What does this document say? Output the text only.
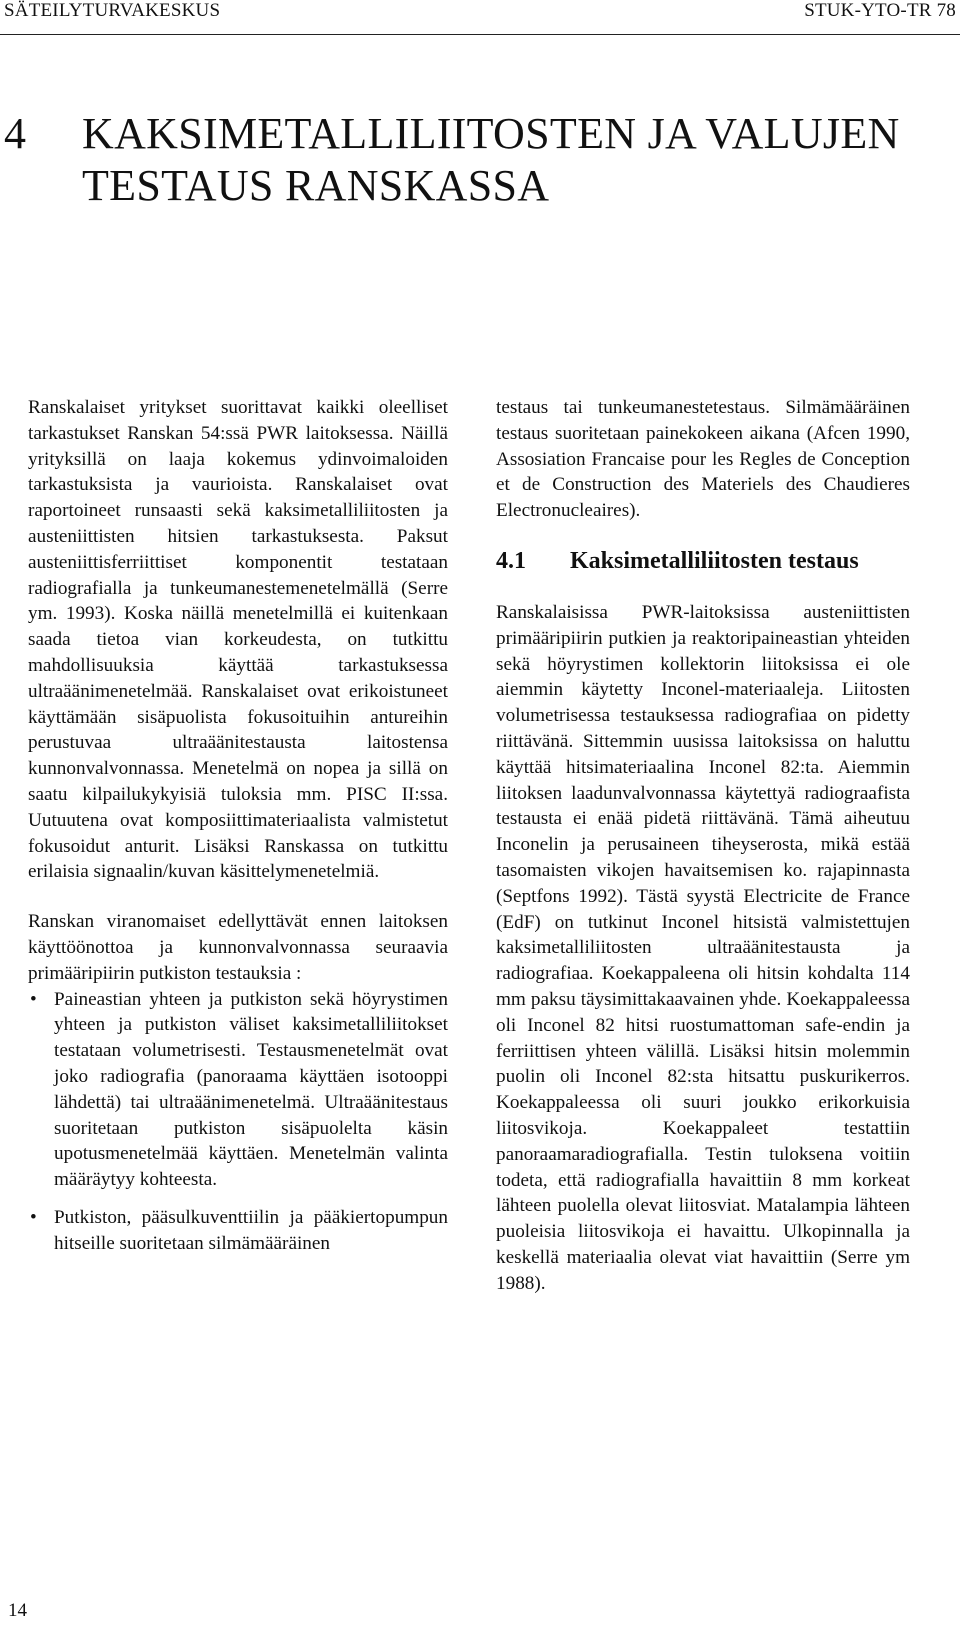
SÄTEILYTURVAKESKUS	STUK-YTO-TR 78
4 KAKSIMETALLILIITOSTEN JA VALUJEN TESTAUS RANSKASSA

Ranskalaiset yritykset suorittavat kaikki oleelliset tarkastukset Ranskan 54:ssä PWR laitoksessa. Näillä yrityksillä on laaja kokemus ydinvoimaloiden tarkastuksista ja vaurioista. Ranskalaiset ovat raportoineet runsaasti sekä kaksimetalliliitosten ja austeniittisten hitsien tarkastuksesta. Paksut austeniittisferriittiset komponentit testataan radiografialla ja tunkeumanestemenetelmällä (Serre ym. 1993). Koska näillä menetelmillä ei kuitenkaan saada tietoa vian korkeudesta, on tutkittu mahdollisuuksia käyttää tarkastuksessa ultraäänimenetelmää. Ranskalaiset ovat erikoistuneet käyttämään sisäpuolista fokusoituihin antureihin perustuvaa ultraäänitestausta laitostensa kunnonvalvonnassa. Menetelmä on nopea ja sillä on saatu kilpailukykyisiä tuloksia mm. PISC II:ssa. Uutuutena ovat komposiittimateriaalista valmistetut fokusoidut anturit. Lisäksi Ranskassa on tutkittu erilaisia signaalin/kuvan käsittelymenetelmiä.

Ranskan viranomaiset edellyttävät ennen laitoksen käyttöönottoa ja kunnonvalvonnassa seuraavia primääripiirin putkiston testauksia :

• Paineastian yhteen ja putkiston sekä höyrystimen yhteen ja putkiston väliset kaksimetalliliitokset testataan volumetrisesti. Testausmenetelmät ovat joko radiografia (panoraama käyttäen isotooppi lähdettä) tai ultraäänimenetelmä. Ultraäänitestaus suoritetaan putkiston sisäpuolelta käsin upotusmenetelmää käyttäen. Menetelmän valinta määräytyy kohteesta.
• Putkiston, pääsulkuventtiilin ja pääkiertopumpun hitseille suoritetaan silmämääräinen

testaus tai tunkeumanestetestaus. Silmämääräinen testaus suoritetaan painekokeen aikana (Afcen 1990, Assosiation Francaise pour les Regles de Conception et de Construction des Materiels des Chaudieres Electronucleaires).

4.1 Kaksimetalliliitosten testaus

Ranskalaisissa PWR-laitoksissa austeniittisten primääripiirin putkien ja reaktoripaineastian yhteiden sekä höyrystimen kollektorin liitoksissa ei ole aiemmin käytetty Inconel-materiaaleja. Liitosten volumetrisessa testauksessa radiografiaa on pidetty riittävänä. Sittemmin uusissa laitoksissa on haluttu käyttää hitsimateriaalina Inconel 82:ta. Aiemmin liitoksen laadunvalvonnassa käytettyä radiograafista testausta ei enää pidetä riittävänä. Tämä aiheutuu Inconelin ja perusaineen tiheyserosta, mikä estää tasomaisten vikojen havaitsemisen ko. rajapinnasta (Septfons 1992). Tästä syystä Electricite de France (EdF) on tutkinut Inconel hitsistä valmistettujen kaksimetalliliitosten ultraäänitestausta ja radiografiaa. Koekappaleena oli hitsin kohdalta 114 mm paksu täysimittakaavainen yhde. Koekappaleessa oli Inconel 82 hitsi ruostumattoman safe-endin ja ferriittisen yhteen välillä. Lisäksi hitsin molemmin puolin oli Inconel 82:sta hitsattu puskurikerros. Koekappaleessa oli suuri joukko erikorkuisia liitosvikoja. Koekappaleet testattiin panoraamaradiografialla. Testin tuloksena voitiin todeta, että radiografialla havaittiin 8 mm korkeat lähteen puolella olevat liitosviat. Matalampia lähteen puoleisia liitosvikoja ei havaittu. Ulkopinnalla ja keskellä materiaalia olevat viat havaittiin (Serre ym 1988).

14
